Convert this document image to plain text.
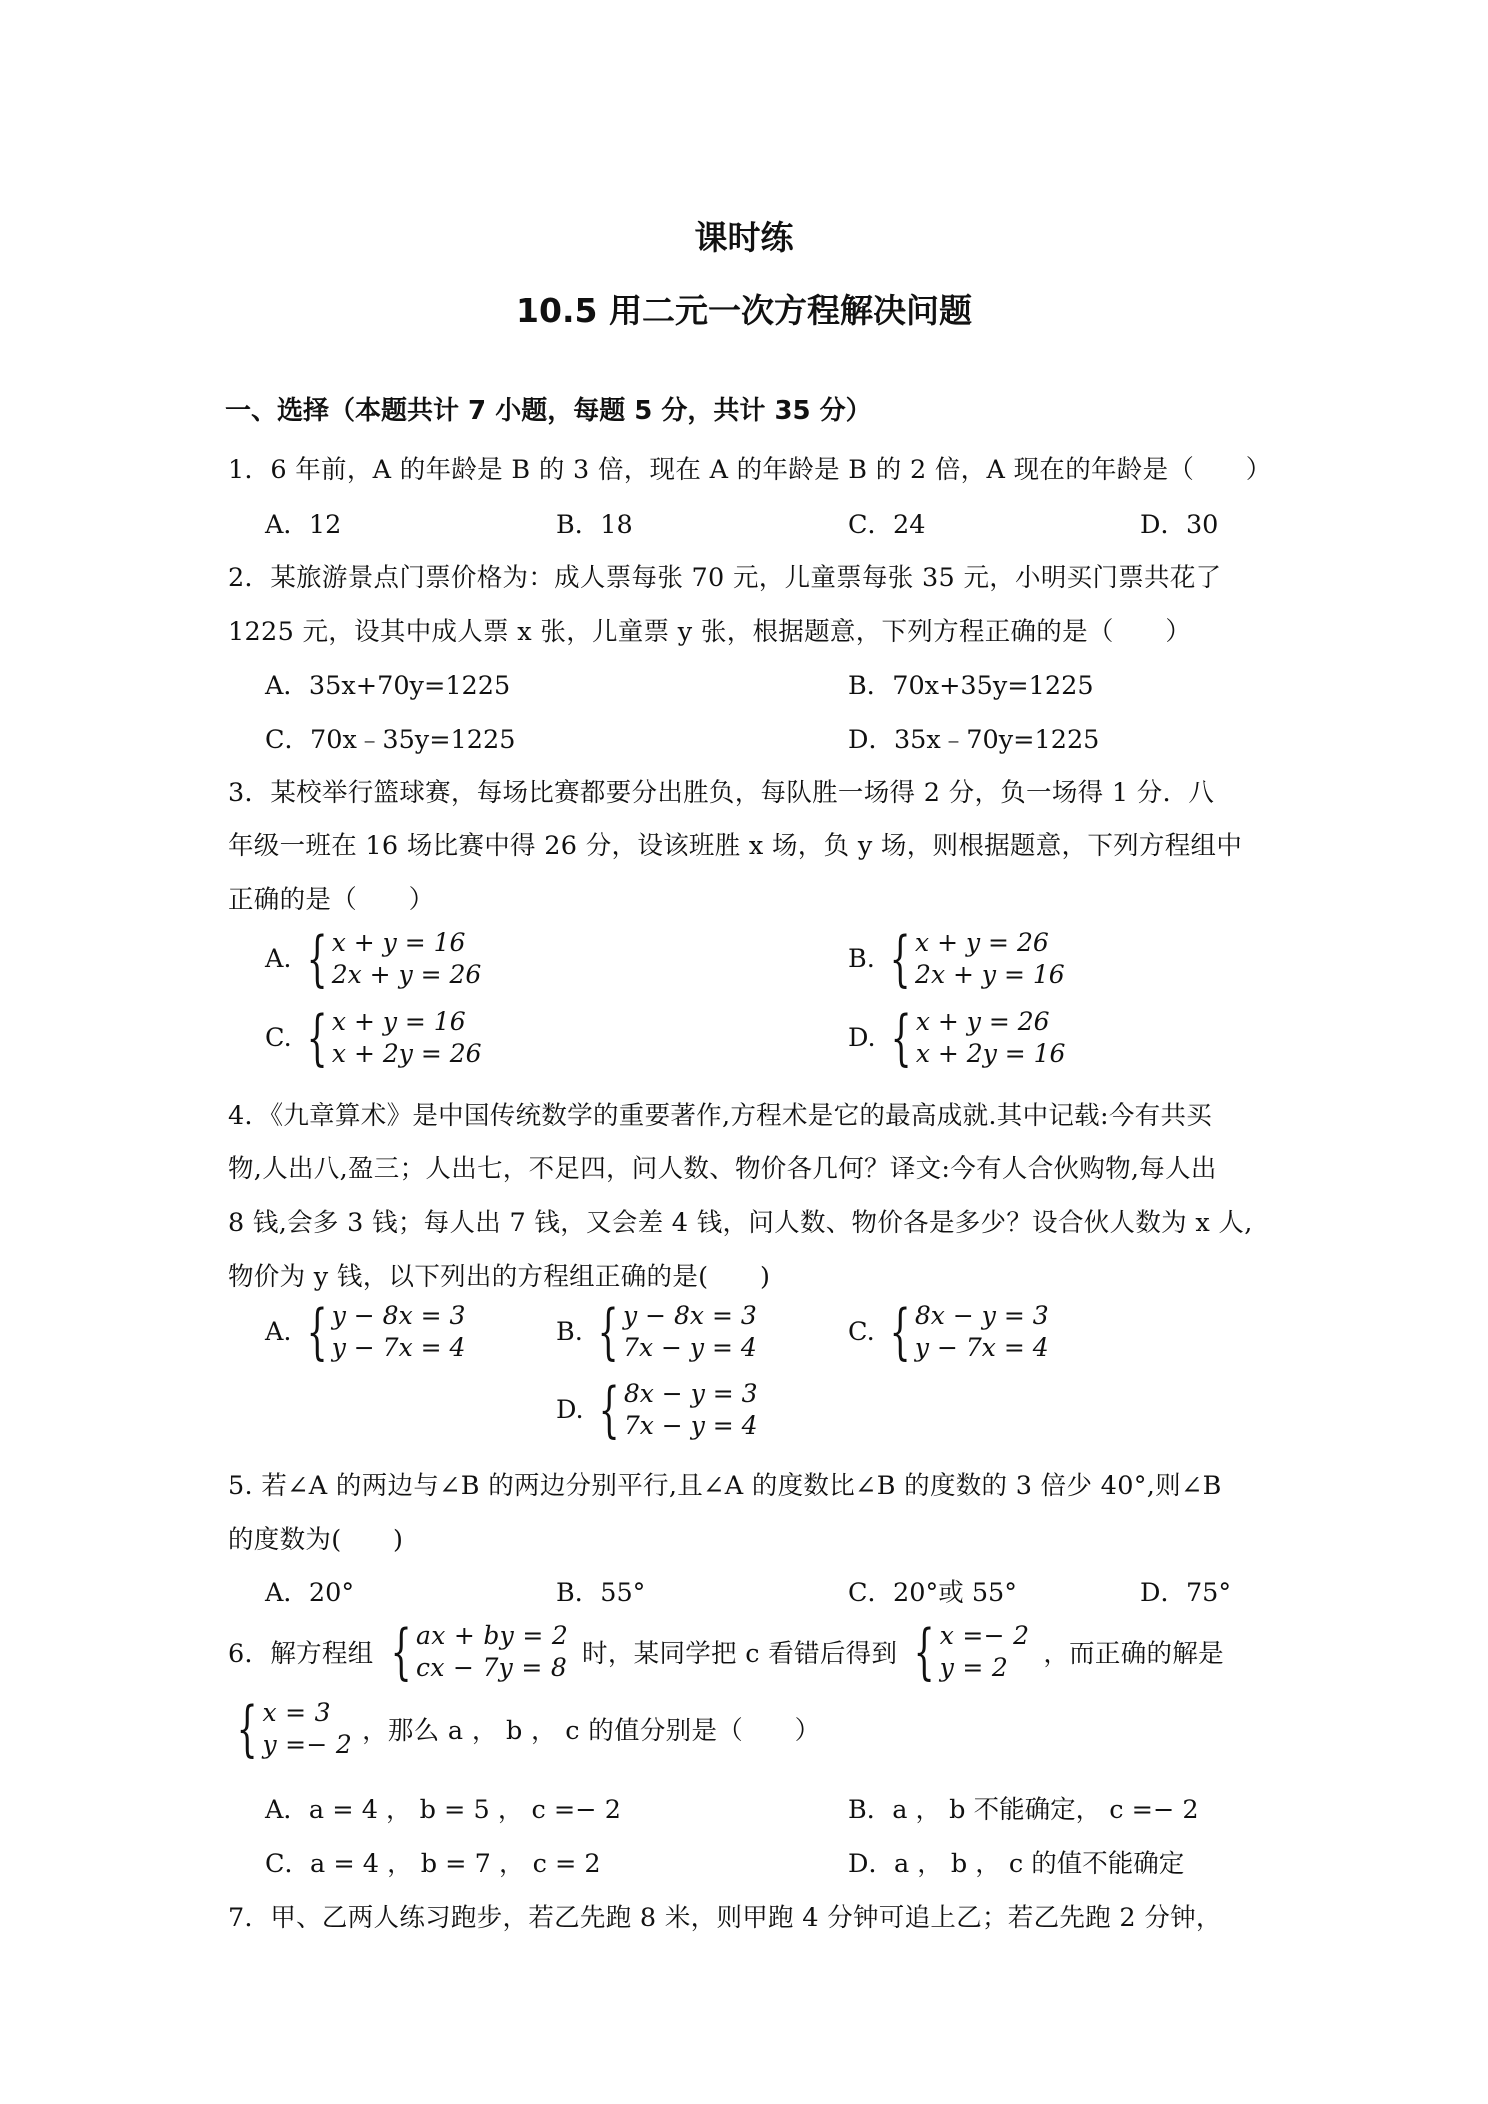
课时练
10.5 用二元一次方程解决问题
一、选择（本题共计 7 小题，每题 5 分，共计 35 分）
1．6 年前，A 的年龄是 B 的 3 倍，现在 A 的年龄是 B 的 2 倍，A 现在的年龄是（　　）
A．12	B．18	C．24	D．30
2．某旅游景点门票价格为：成人票每张 70 元，儿童票每张 35 元，小明买门票共花了
1225 元，设其中成人票 x 张，儿童票 y 张，根据题意，下列方程正确的是（　　）
A．35x+70y=1225	B．70x+35y=1225
C．70x﹣35y=1225	D．35x﹣70y=1225
3．某校举行篮球赛，每场比赛都要分出胜负，每队胜一场得 2 分，负一场得 1 分．八
年级一班在 16 场比赛中得 26 分，设该班胜 x 场，负 y 场，则根据题意，下列方程组中
正确的是（　　）
A. { x + y = 16
2x + y = 26
B. { x + y = 26
2x + y = 16
C. { x + y = 16
x + 2y = 26
D. { x + y = 26
x + 2y = 16
4．《九章算术》是中国传统数学的重要著作,方程术是它的最高成就.其中记载:今有共买
物,人出八,盈三；人出七，不足四，问人数、物价各几何？译文:今有人合伙购物,每人出
8 钱,会多 3 钱；每人出 7 钱，又会差 4 钱，问人数、物价各是多少？设合伙人数为 x 人,
物价为 y 钱，以下列出的方程组正确的是(　　)
A. { y − 8x = 3
y − 7x = 4
B. { y − 8x = 3
7x − y = 4
C. { 8x − y = 3
y − 7x = 4
D. { 8x − y = 3
7x − y = 4
5. 若∠A 的两边与∠B 的两边分别平行,且∠A 的度数比∠B 的度数的 3 倍少 40°,则∠B
的度数为(　　)
A．20°	B．55°	C．20°或 55°	D．75°
6．解方程组 { ax + by = 2
cx − 7y = 8 时，某同学把 c 看错后得到 { x =− 2
y = 2	，而正确的解是
{ x = 3
y =− 2 ，那么 a ， b ， c 的值分别是（　　）
A．a = 4 ， b = 5 ， c =− 2	B．a ， b 不能确定， c =− 2
C．a = 4 ， b = 7 ， c = 2	D．a ， b ， c 的值不能确定
7．甲、乙两人练习跑步，若乙先跑 8 米，则甲跑 4 分钟可追上乙；若乙先跑 2 分钟，
